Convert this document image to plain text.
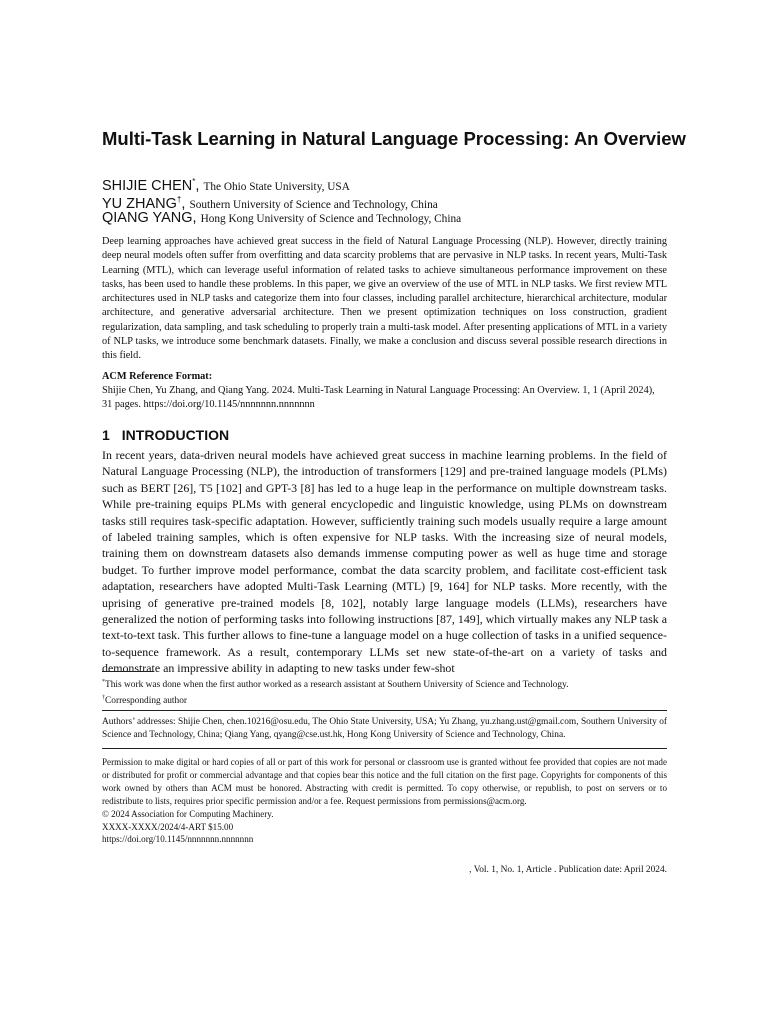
Multi-Task Learning in Natural Language Processing: An Overview
SHIJIE CHEN*, The Ohio State University, USA
YU ZHANG†, Southern University of Science and Technology, China
QIANG YANG, Hong Kong University of Science and Technology, China

Deep learning approaches have achieved great success in the field of Natural Language Processing (NLP). However, directly training deep neural models often suffer from overfitting and data scarcity problems that are pervasive in NLP tasks. In recent years, Multi-Task Learning (MTL), which can leverage useful information of related tasks to achieve simultaneous performance improvement on these tasks, has been used to handle these problems. In this paper, we give an overview of the use of MTL in NLP tasks. We first review MTL architectures used in NLP tasks and categorize them into four classes, including parallel architecture, hierarchical architecture, modular architecture, and generative adversarial architecture. Then we present optimization techniques on loss construction, gradient regularization, data sampling, and task scheduling to properly train a multi-task model. After presenting applications of MTL in a variety of NLP tasks, we introduce some benchmark datasets. Finally, we make a conclusion and discuss several possible research directions in this field.

ACM Reference Format:
Shijie Chen, Yu Zhang, and Qiang Yang. 2024. Multi-Task Learning in Natural Language Processing: An Overview. 1, 1 (April 2024), 31 pages. https://doi.org/10.1145/nnnnnnn.nnnnnnn
1 INTRODUCTION

In recent years, data-driven neural models have achieved great success in machine learning problems. In the field of Natural Language Processing (NLP), the introduction of transformers [129] and pre-trained language models (PLMs) such as BERT [26], T5 [102] and GPT-3 [8] has led to a huge leap in the performance on multiple downstream tasks. While pre-training equips PLMs with general encyclopedic and linguistic knowledge, using PLMs on downstream tasks still requires task-specific adaptation. However, sufficiently training such models usually require a large amount of labeled training samples, which is often expensive for NLP tasks. With the increasing size of neural models, training them on downstream datasets also demands immense computing power as well as huge time and storage budget. To further improve model performance, combat the data scarcity problem, and facilitate cost-efficient task adaptation, researchers have adopted Multi-Task Learning (MTL) [9, 164] for NLP tasks. More recently, with the uprising of generative pre-trained models [8, 102], notably large language models (LLMs), researchers have generalized the notion of performing tasks into following instructions [87, 149], which virtually makes any NLP task a text-to-text task. This further allows to fine-tune a language model on a huge collection of tasks in a unified sequence-to-sequence framework. As a result, contemporary LLMs set new state-of-the-art on a variety of tasks and demonstrate an impressive ability in adapting to new tasks under few-shot

*This work was done when the first author worked as a research assistant at Southern University of Science and Technology.
†Corresponding author

Authors’ addresses: Shijie Chen, chen.10216@osu.edu, The Ohio State University, USA; Yu Zhang, yu.zhang.ust@gmail.com, Southern University of Science and Technology, China; Qiang Yang, qyang@cse.ust.hk, Hong Kong University of Science and Technology, China.

Permission to make digital or hard copies of all or part of this work for personal or classroom use is granted without fee provided that copies are not made or distributed for profit or commercial advantage and that copies bear this notice and the full citation on the first page. Copyrights for components of this work owned by others than ACM must be honored. Abstracting with credit is permitted. To copy otherwise, or republish, to post on servers or to redistribute to lists, requires prior specific permission and/or a fee. Request permissions from permissions@acm.org.

© 2024 Association for Computing Machinery.
XXXX-XXXX/2024/4-ART $15.00
https://doi.org/10.1145/nnnnnnn.nnnnnnn
, Vol. 1, No. 1, Article . Publication date: April 2024.
